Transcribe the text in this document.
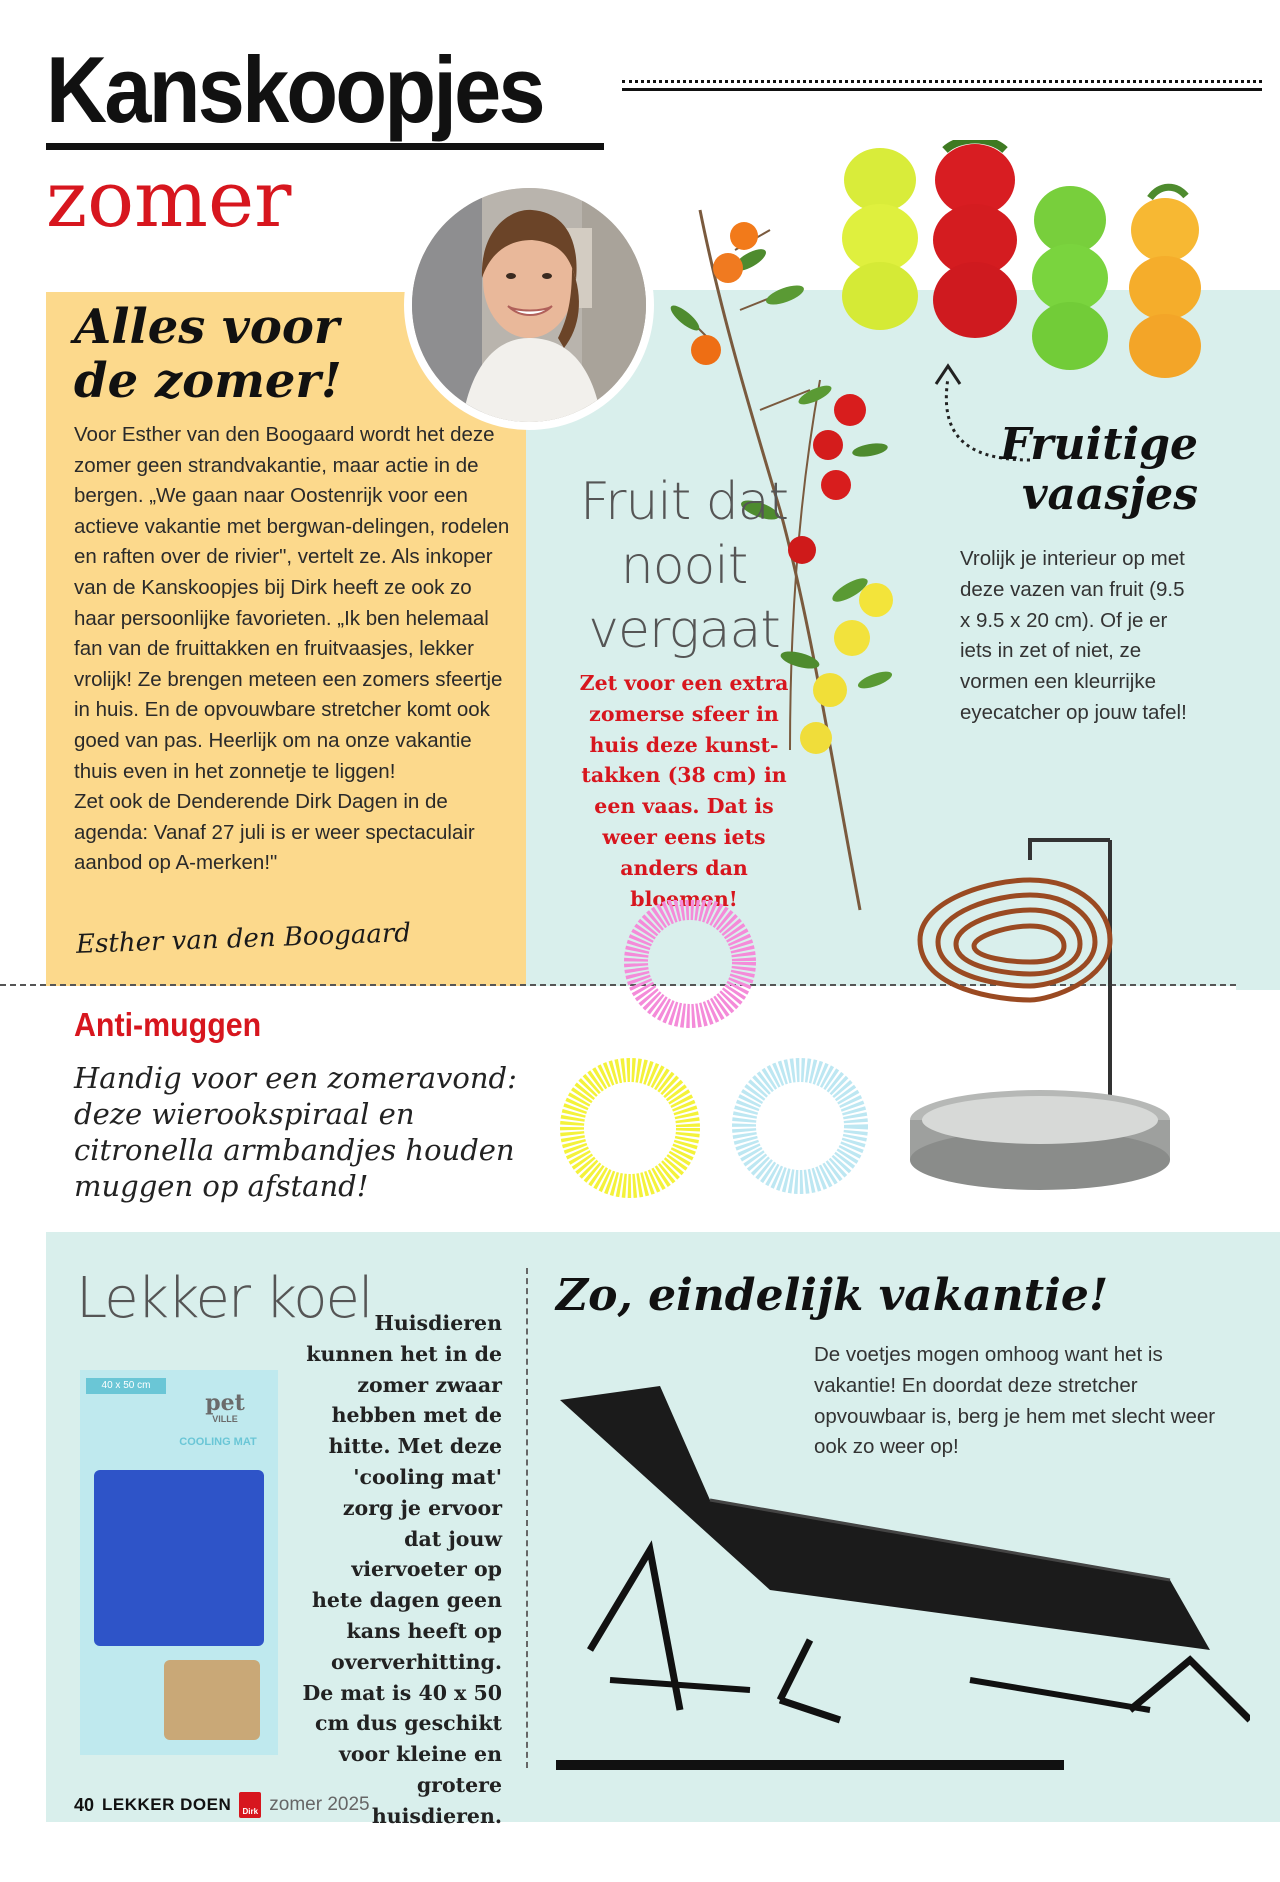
Kanskoopjes
zomer
Alles voor
de zomer!
Voor Esther van den Boogaard wordt het deze zomer geen strandvakantie, maar actie in de bergen. „We gaan naar Oostenrijk voor een actieve vakantie met bergwan-delingen, rodelen en raften over de rivier", vertelt ze. Als inkoper van de Kanskoopjes bij Dirk heeft ze ook zo haar persoonlijke favorieten. „Ik ben helemaal fan van de fruittakken en fruitvaasjes, lekker vrolijk! Ze brengen meteen een zomers sfeertje in huis. En de opvouwbare stretcher komt ook goed van pas. Heerlijk om na onze vakantie thuis even in het zonnetje te liggen!
Zet ook de Denderende Dirk Dagen in de agenda: Vanaf 27 juli is er weer spectaculair aanbod op A-merken!"
Esther van den Boogaard
Fruit dat
nooit
vergaat
Zet voor een extra zomerse sfeer in huis deze kunst-takken (38 cm) in een vaas. Dat is weer eens iets anders dan bloemen!
Fruitige
vaasjes
Vrolijk je interieur op met deze vazen van fruit (9.5 x 9.5 x 20 cm). Of je er iets in zet of niet, ze vormen een kleurrijke eyecatcher op jouw tafel!
Anti-muggen
Handig voor een zomeravond: deze wierookspiraal en citronella armbandjes houden muggen op afstand!
Lekker koel
40 x 50 cm
pet
VILLE
COOLING MAT
Huisdieren kunnen het in de zomer zwaar hebben met de hitte. Met deze 'cooling mat' zorg je ervoor dat jouw viervoeter op hete dagen geen kans heeft op oververhitting. De mat is 40 x 50 cm dus geschikt voor kleine en grotere huisdieren.
Zo, eindelijk vakantie!
De voetjes mogen omhoog want het is vakantie! En doordat deze stretcher opvouwbaar is, berg je hem met slecht weer ook zo weer op!
40 LEKKER DOEN	Dirk zomer 2025
